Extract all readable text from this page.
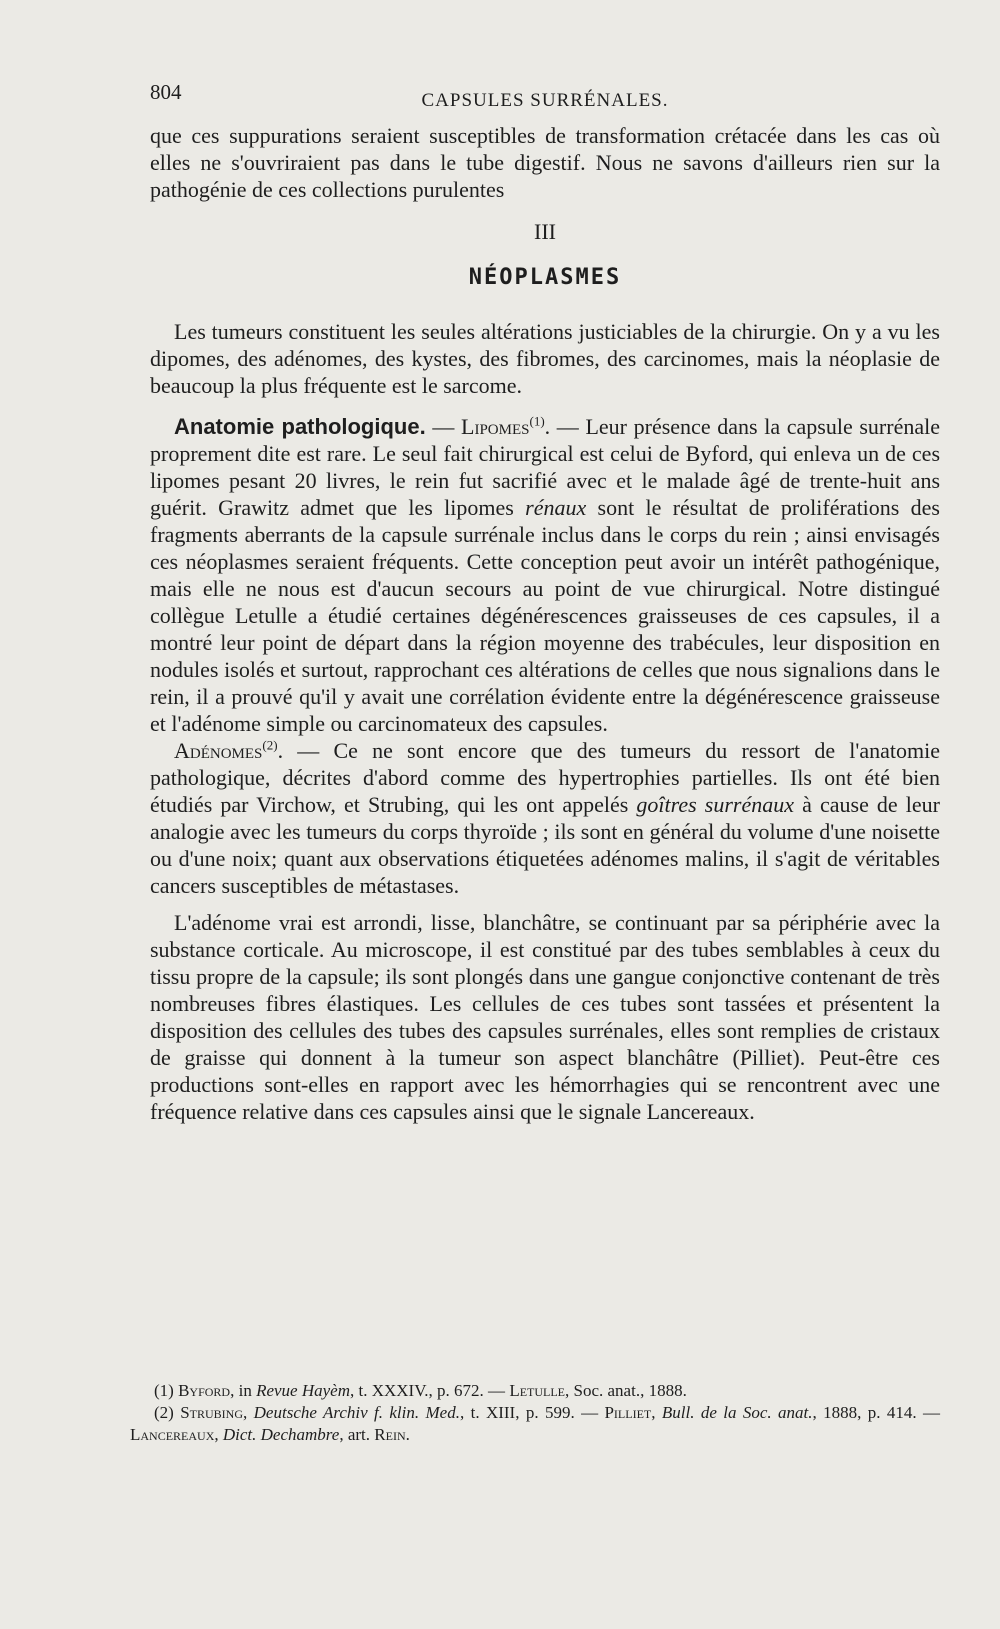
804	CAPSULES SURRÉNALES.

que ces suppurations seraient susceptibles de transformation crétacée dans les cas où elles ne s'ouvriraient pas dans le tube digestif. Nous ne savons d'ailleurs rien sur la pathogénie de ces collections purulentes

III
NÉOPLASMES

Les tumeurs constituent les seules altérations justiciables de la chirurgie. On y a vu les dipomes, des adénomes, des kystes, des fibromes, des carcinomes, mais la néoplasie de beaucoup la plus fréquente est le sarcome.

Anatomie pathologique. — Lipomes$^{(1)}$. — Leur présence dans la capsule surrénale proprement dite est rare. Le seul fait chirurgical est celui de Byford, qui enleva un de ces lipomes pesant 20 livres, le rein fut sacrifié avec et le malade âgé de trente-huit ans guérit. Grawitz admet que les lipomes rénaux sont le résultat de proliférations des fragments aberrants de la capsule surrénale inclus dans le corps du rein ; ainsi envisagés ces néoplasmes seraient fréquents. Cette conception peut avoir un intérêt pathogénique, mais elle ne nous est d'aucun secours au point de vue chirurgical. Notre distingué collègue Letulle a étudié certaines dégénérescences graisseuses de ces capsules, il a montré leur point de départ dans la région moyenne des trabécules, leur disposition en nodules isolés et surtout, rapprochant ces altérations de celles que nous signalions dans le rein, il a prouvé qu'il y avait une corrélation évidente entre la dégénérescence graisseuse et l'adénome simple ou carcinomateux des capsules.

Adénomes$^{(2)}$. — Ce ne sont encore que des tumeurs du ressort de l'anatomie pathologique, décrites d'abord comme des hypertrophies partielles. Ils ont été bien étudiés par Virchow, et Strubing, qui les ont appelés goîtres surrénaux à cause de leur analogie avec les tumeurs du corps thyroïde ; ils sont en général du volume d'une noisette ou d'une noix; quant aux observations étiquetées adénomes malins, il s'agit de véritables cancers susceptibles de métastases.

L'adénome vrai est arrondi, lisse, blanchâtre, se continuant par sa périphérie avec la substance corticale. Au microscope, il est constitué par des tubes semblables à ceux du tissu propre de la capsule; ils sont plongés dans une gangue conjonctive contenant de très nombreuses fibres élastiques. Les cellules de ces tubes sont tassées et présentent la disposition des cellules des tubes des capsules surrénales, elles sont remplies de cristaux de graisse qui donnent à la tumeur son aspect blanchâtre (Pilliet). Peut-être ces productions sont-elles en rapport avec les hémorrhagies qui se rencontrent avec une fréquence relative dans ces capsules ainsi que le signale Lancereaux.

(1) Byford, in Revue Hayèm, t. XXXIV., p. 672. — Letulle, Soc. anat., 1888.

(2) Strubing, Deutsche Archiv f. klin. Med., t. XIII, p. 599. — Pilliet, Bull. de la Soc. anat., 1888, p. 414. — Lancereaux, Dict. Dechambre, art. Rein.
